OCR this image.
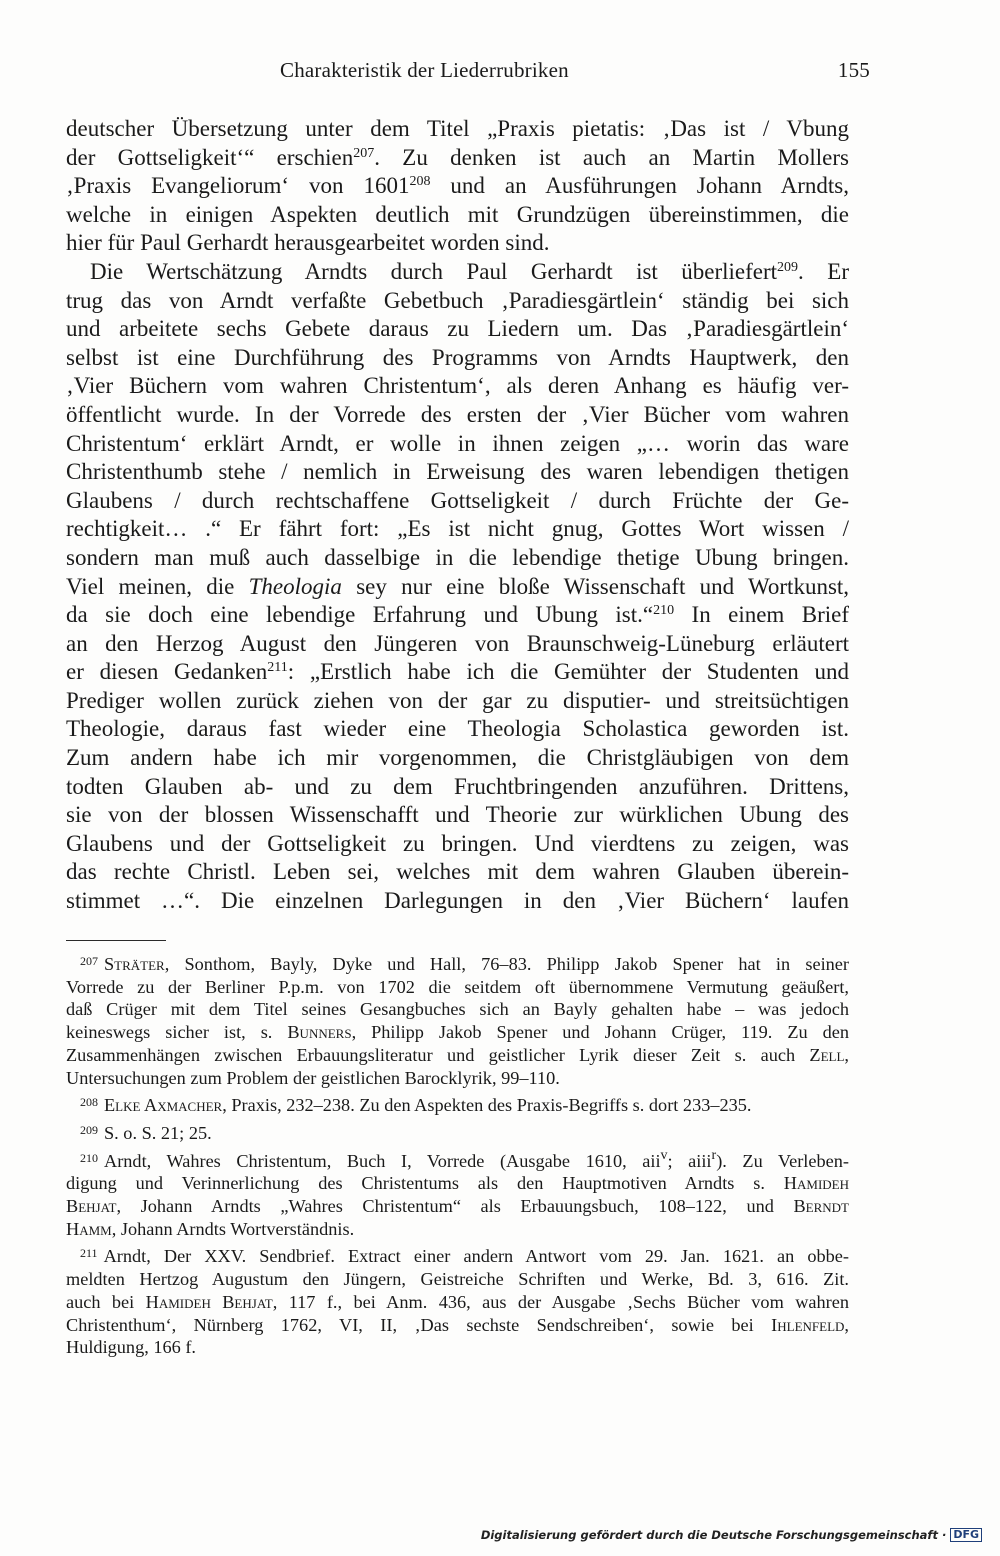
Charakteristik der Liederrubriken	155
deutscher Übersetzung unter dem Titel „Praxis pietatis: ‚Das ist / Vbung
der Gottseligkeit‘“ erschien$^{207}$. Zu denken ist auch an Martin Mollers
‚Praxis Evangeliorum‘ von 1601$^{208}$ und an Ausführungen Johann Arndts,
welche in einigen Aspekten deutlich mit Grundzügen übereinstimmen, die
hier für Paul Gerhardt herausgearbeitet worden sind.
Die Wertschätzung Arndts durch Paul Gerhardt ist überliefert$^{209}$. Er
trug das von Arndt verfaßte Gebetbuch ‚Paradiesgärtlein‘ ständig bei sich
und arbeitete sechs Gebete daraus zu Liedern um. Das ‚Paradiesgärtlein‘
selbst ist eine Durchführung des Programms von Arndts Hauptwerk, den
‚Vier Büchern vom wahren Christentum‘, als deren Anhang es häufig ver-
öffentlicht wurde. In der Vorrede des ersten der ‚Vier Bücher vom wahren
Christentum‘ erklärt Arndt, er wolle in ihnen zeigen „… worin das ware
Christenthumb stehe / nemlich in Erweisung des waren lebendigen thetigen
Glaubens / durch rechtschaffene Gottseligkeit / durch Früchte der Ge-
rechtigkeit… .“ Er fährt fort: „Es ist nicht gnug, Gottes Wort wissen /
sondern man muß auch dasselbige in die lebendige thetige Ubung bringen.
Viel meinen, die Theologia sey nur eine bloße Wissenschaft und Wortkunst,
da sie doch eine lebendige Erfahrung und Ubung ist.“$^{210}$ In einem Brief
an den Herzog August den Jüngeren von Braunschweig-Lüneburg erläutert
er diesen Gedanken$^{211}$: „Erstlich habe ich die Gemühter der Studenten und
Prediger wollen zurück ziehen von der gar zu disputier- und streitsüchtigen
Theologie, daraus fast wieder eine Theologia Scholastica geworden ist.
Zum andern habe ich mir vorgenommen, die Christgläubigen von dem
todten Glauben ab- und zu dem Fruchtbringenden anzuführen. Drittens,
sie von der blossen Wissenschafft und Theorie zur würklichen Ubung des
Glaubens und der Gottseligkeit zu bringen. Und vierdtens zu zeigen, was
das rechte Christl. Leben sei, welches mit dem wahren Glauben überein-
stimmet …“. Die einzelnen Darlegungen in den ‚Vier Büchern‘ laufen
$^{207}$ Sträter, Sonthom, Bayly, Dyke und Hall, 76–83. Philipp Jakob Spener hat in seiner
Vorrede zu der Berliner P.p.m. von 1702 die seitdem oft übernommene Vermutung geäußert,
daß Crüger mit dem Titel seines Gesangbuches sich an Bayly gehalten habe – was jedoch
keineswegs sicher ist, s. Bunners, Philipp Jakob Spener und Johann Crüger, 119. Zu den
Zusammenhängen zwischen Erbauungsliteratur und geistlicher Lyrik dieser Zeit s. auch Zell,
Untersuchungen zum Problem der geistlichen Barocklyrik, 99–110.
$^{208}$ Elke Axmacher, Praxis, 232–238. Zu den Aspekten des Praxis-Begriffs s. dort 233–235.
$^{209}$ S. o. S. 21; 25.
$^{210}$ Arndt, Wahres Christentum, Buch I, Vorrede (Ausgabe 1610, aii$^v$; aiii$^r$). Zu Verleben-
digung und Verinnerlichung des Christentums als den Hauptmotiven Arndts s. Hamideh
Behjat, Johann Arndts „Wahres Christentum“ als Erbauungsbuch, 108–122, und Berndt
Hamm, Johann Arndts Wortverständnis.
$^{211}$ Arndt, Der XXV. Sendbrief. Extract einer andern Antwort vom 29. Jan. 1621. an obbe-
meldten Hertzog Augustum den Jüngern, Geistreiche Schriften und Werke, Bd. 3, 616. Zit.
auch bei Hamideh Behjat, 117 f., bei Anm. 436, aus der Ausgabe ‚Sechs Bücher vom wahren
Christenthum‘, Nürnberg 1762, VI, II, ‚Das sechste Sendschreiben‘, sowie bei Ihlenfeld,
Huldigung, 166 f.
Digitalisierung gefördert durch die Deutsche Forschungsgemeinschaft · DFG
